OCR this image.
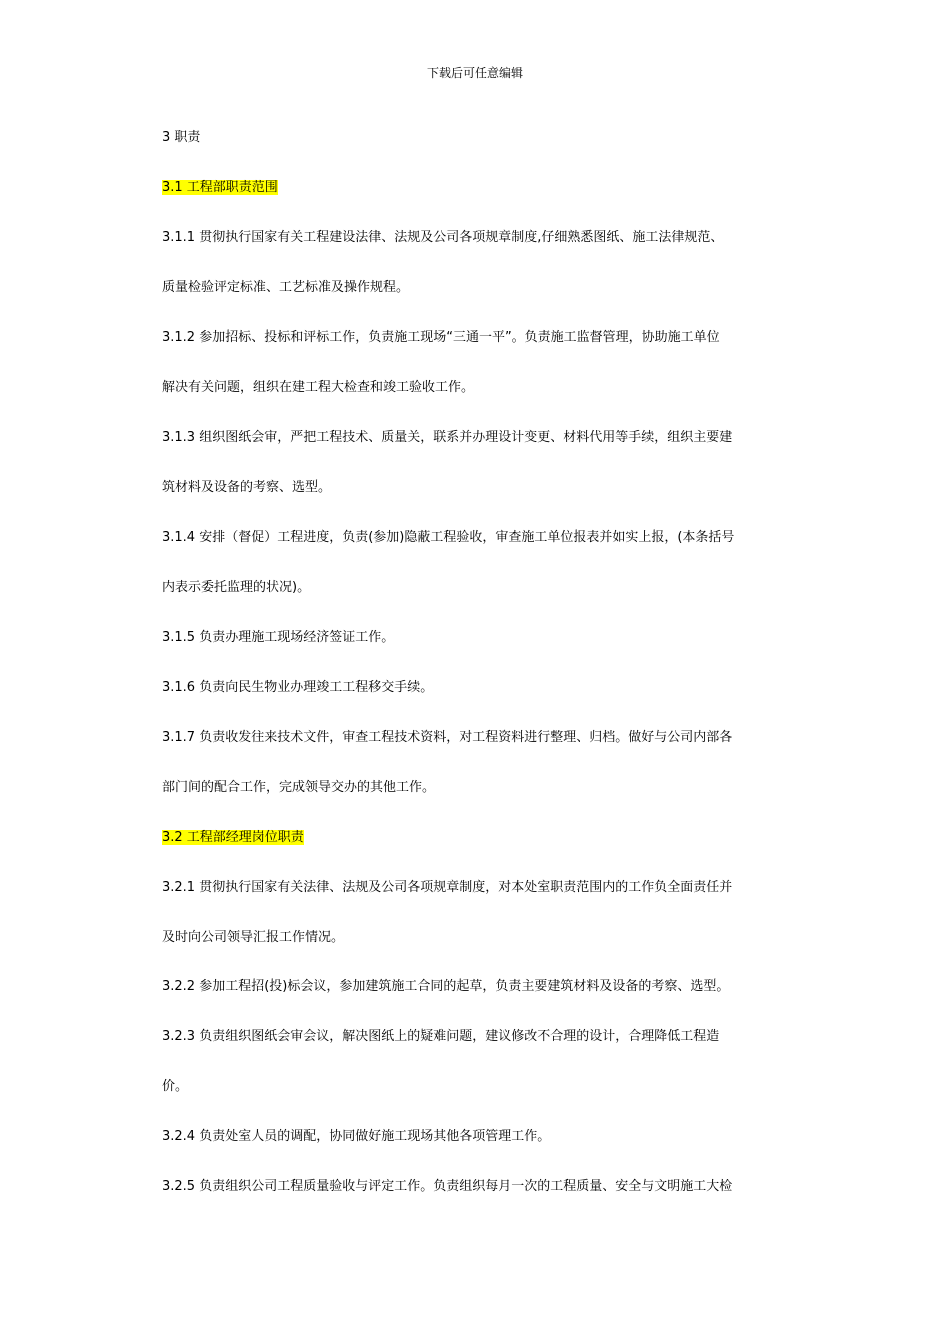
下载后可任意编辑
3 职责
3.1 工程部职责范围
3.1.1 贯彻执行国家有关工程建设法律、法规及公司各项规章制度,仔细熟悉图纸、施工法律规范、
质量检验评定标准、工艺标准及操作规程。
3.1.2 参加招标、投标和评标工作，负责施工现场“三通一平”。负责施工监督管理，协助施工单位
解决有关问题，组织在建工程大检查和竣工验收工作。
3.1.3 组织图纸会审，严把工程技术、质量关，联系并办理设计变更、材料代用等手续，组织主要建
筑材料及设备的考察、选型。
3.1.4 安排（督促）工程进度，负责(参加)隐蔽工程验收，审查施工单位报表并如实上报，(本条括号
内表示委托监理的状况)。
3.1.5 负责办理施工现场经济签证工作。
3.1.6 负责向民生物业办理竣工工程移交手续。
3.1.7 负责收发往来技术文件，审查工程技术资料，对工程资料进行整理、归档。做好与公司内部各
部门间的配合工作，完成领导交办的其他工作。
3.2 工程部经理岗位职责
3.2.1 贯彻执行国家有关法律、法规及公司各项规章制度，对本处室职责范围内的工作负全面责任并
及时向公司领导汇报工作情况。
3.2.2 参加工程招(投)标会议，参加建筑施工合同的起草，负责主要建筑材料及设备的考察、选型。
3.2.3 负责组织图纸会审会议，解决图纸上的疑难问题，建议修改不合理的设计，合理降低工程造
价。
3.2.4 负责处室人员的调配，协同做好施工现场其他各项管理工作。
3.2.5 负责组织公司工程质量验收与评定工作。负责组织每月一次的工程质量、安全与文明施工大检
